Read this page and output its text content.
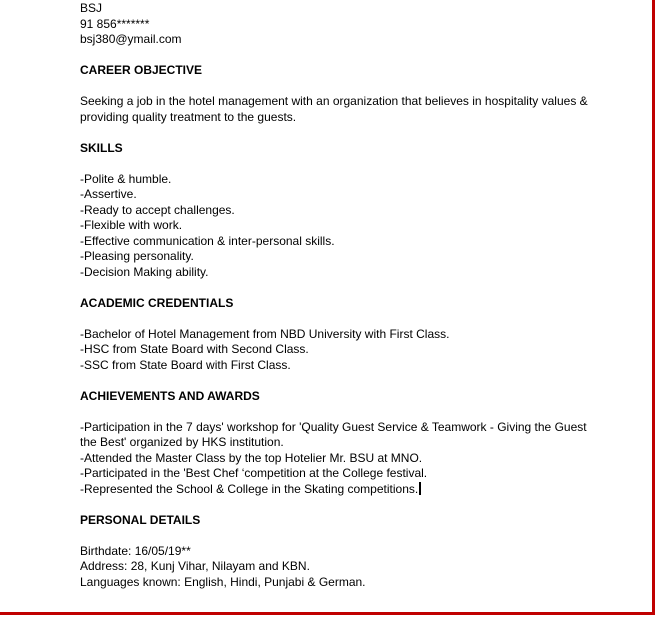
BSJ
91 856*******
bsj380@ymail.com
CAREER OBJECTIVE
Seeking a job in the hotel management with an organization that believes in hospitality values &
providing quality treatment to the guests.
SKILLS
-Polite & humble.
-Assertive.
-Ready to accept challenges.
-Flexible with work.
-Effective communication & inter-personal skills.
-Pleasing personality.
-Decision Making ability.
ACADEMIC CREDENTIALS
-Bachelor of Hotel Management from NBD University with First Class.
-HSC from State Board with Second Class.
-SSC from State Board with First Class.
ACHIEVEMENTS AND AWARDS
-Participation in the 7 days' workshop for 'Quality Guest Service & Teamwork - Giving the Guest
the Best' organized by HKS institution.
-Attended the Master Class by the top Hotelier Mr. BSU at MNO.
-Participated in the 'Best Chef ‘competition at the College festival.
-Represented the School & College in the Skating competitions.
PERSONAL DETAILS
Birthdate: 16/05/19**
Address: 28, Kunj Vihar, Nilayam and KBN.
Languages known: English, Hindi, Punjabi & German.
